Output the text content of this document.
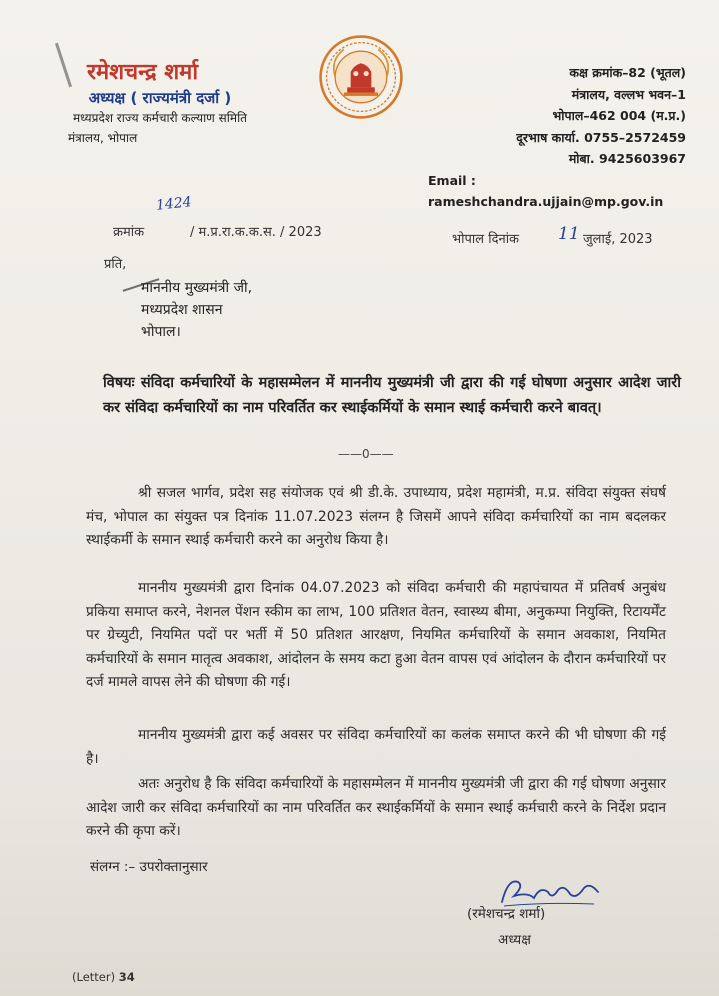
रमेशचन्द्र शर्मा
अध्यक्ष ( राज्यमंत्री दर्जा )
मध्यप्रदेश राज्य कर्मचारी कल्याण समिति
मंत्रालय, भोपाल
कक्ष क्रमांक–82 (भूतल)
मंत्रालय, वल्लभ भवन–1
भोपाल–462 004 (म.प्र.)
दूरभाष कार्या. 0755–2572459
मोबा. 9425603967
Email : rameshchandra.ujjain@mp.gov.in
1424
क्रमांक	/ म.प्र.रा.क.क.स. / 2023	भोपाल दिनांक 11 जुलाई, 2023
प्रति,
माननीय मुख्यमंत्री जी,
मध्यप्रदेश शासन
भोपाल।
विषयः संविदा कर्मचारियों के महासम्मेलन में माननीय मुख्यमंत्री जी द्वारा की गई घोषणा अनुसार आदेश जारी कर संविदा कर्मचारियों का नाम परिवर्तित कर स्थाईकर्मियों के समान स्थाई कर्मचारी करने बावत्।
——0——
श्री सजल भार्गव, प्रदेश सह संयोजक एवं श्री डी.के. उपाध्याय, प्रदेश महामंत्री, म.प्र. संविदा संयुक्त संघर्ष मंच, भोपाल का संयुक्त पत्र दिनांक 11.07.2023 संलग्न है जिसमें आपने संविदा कर्मचारियों का नाम बदलकर स्थाईकर्मी के समान स्थाई कर्मचारी करने का अनुरोध किया है।
माननीय मुख्यमंत्री द्वारा दिनांक 04.07.2023 को संविदा कर्मचारी की महापंचायत में प्रतिवर्ष अनुबंध प्रकिया समाप्त करने, नेशनल पेंशन स्कीम का लाभ, 100 प्रतिशत वेतन, स्वास्थ्य बीमा, अनुकम्पा नियुक्ति, रिटायर्मेंट पर ग्रेच्युटी, नियमित पदों पर भर्ती में 50 प्रतिशत आरक्षण, नियमित कर्मचारियों के समान अवकाश, नियमित कर्मचारियों के समान मातृत्व अवकाश, आंदोलन के समय कटा हुआ वेतन वापस एवं आंदोलन के दौरान कर्मचारियों पर दर्ज मामले वापस लेने की घोषणा की गई।
माननीय मुख्यमंत्री द्वारा कई अवसर पर संविदा कर्मचारियों का कलंक समाप्त करने की भी घोषणा की गई है।
अतः अनुरोध है कि संविदा कर्मचारियों के महासम्मेलन में माननीय मुख्यमंत्री जी द्वारा की गई घोषणा अनुसार आदेश जारी कर संविदा कर्मचारियों का नाम परिवर्तित कर स्थाईकर्मियों के समान स्थाई कर्मचारी करने के निर्देश प्रदान करने की कृपा करें।
संलग्न :– उपरोक्तानुसार
(रमेशचन्द्र शर्मा)
अध्यक्ष
(Letter) 34
